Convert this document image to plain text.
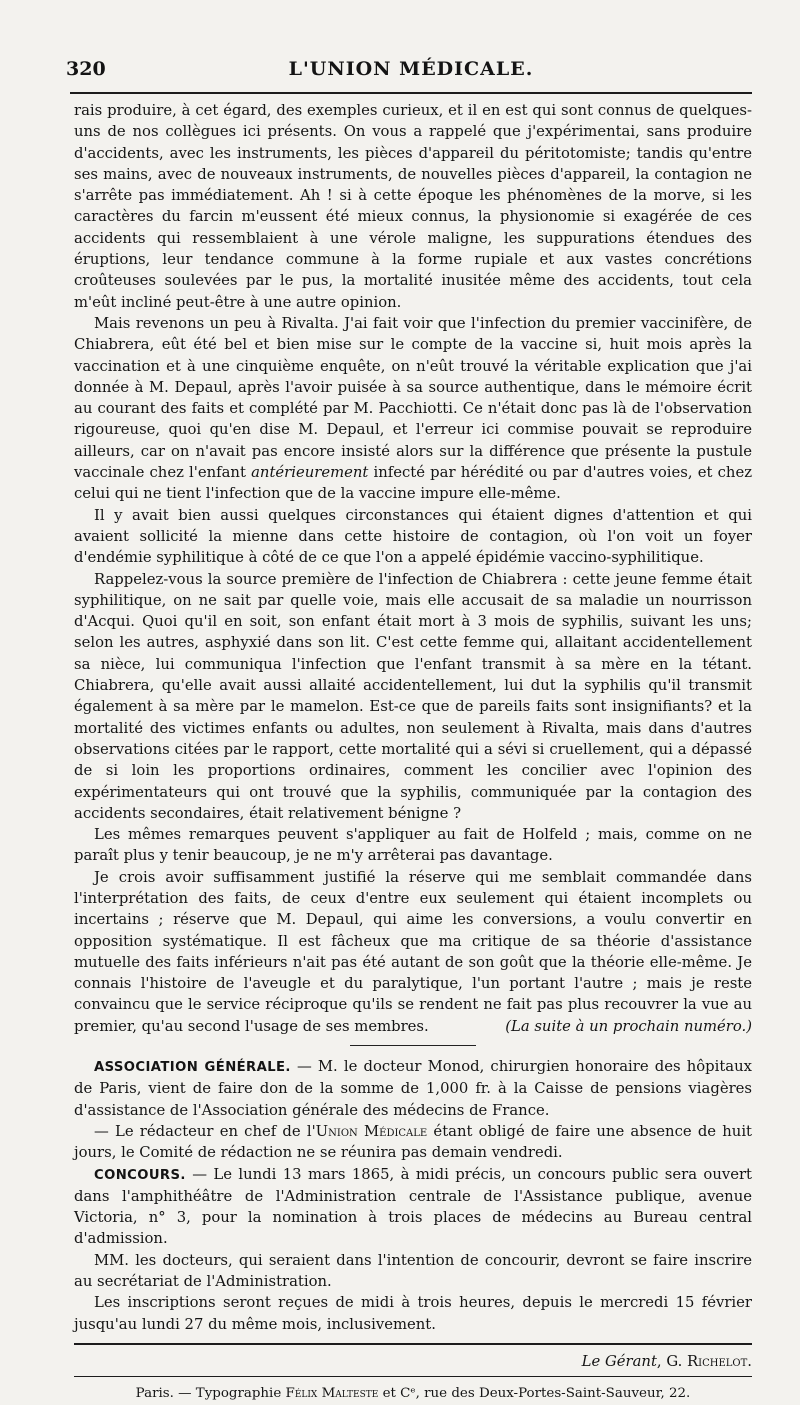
320	L'UNION MÉDICALE.

rais produire, à cet égard, des exemples curieux, et il en est qui sont connus de quelques-uns de nos collègues ici présents. On vous a rappelé que j'expérimentai, sans produire d'accidents, avec les instruments, les pièces d'appareil du péritotomiste; tandis qu'entre ses mains, avec de nouveaux instruments, de nouvelles pièces d'appareil, la contagion ne s'arrête pas immédiatement. Ah ! si à cette époque les phénomènes de la morve, si les caractères du farcin m'eussent été mieux connus, la physionomie si exagérée de ces accidents qui ressemblaient à une vérole maligne, les suppurations étendues des éruptions, leur tendance commune à la forme rupiale et aux vastes concrétions croûteuses soulevées par le pus, la mortalité inusitée même des accidents, tout cela m'eût incliné peut-être à une autre opinion.

Mais revenons un peu à Rivalta. J'ai fait voir que l'infection du premier vaccinifère, de Chiabrera, eût été bel et bien mise sur le compte de la vaccine si, huit mois après la vaccination et à une cinquième enquête, on n'eût trouvé la véritable explication que j'ai donnée à M. Depaul, après l'avoir puisée à sa source authentique, dans le mémoire écrit au courant des faits et complété par M. Pacchiotti. Ce n'était donc pas là de l'observation rigoureuse, quoi qu'en dise M. Depaul, et l'erreur ici commise pouvait se reproduire ailleurs, car on n'avait pas encore insisté alors sur la différence que présente la pustule vaccinale chez l'enfant antérieurement infecté par hérédité ou par d'autres voies, et chez celui qui ne tient l'infection que de la vaccine impure elle-même.

Il y avait bien aussi quelques circonstances qui étaient dignes d'attention et qui avaient sollicité la mienne dans cette histoire de contagion, où l'on voit un foyer d'endémie syphilitique à côté de ce que l'on a appelé épidémie vaccino-syphilitique.

Rappelez-vous la source première de l'infection de Chiabrera : cette jeune femme était syphilitique, on ne sait par quelle voie, mais elle accusait de sa maladie un nourrisson d'Acqui. Quoi qu'il en soit, son enfant était mort à 3 mois de syphilis, suivant les uns; selon les autres, asphyxié dans son lit. C'est cette femme qui, allaitant accidentellement sa nièce, lui communiqua l'infection que l'enfant transmit à sa mère en la tétant. Chiabrera, qu'elle avait aussi allaité accidentellement, lui dut la syphilis qu'il transmit également à sa mère par le mamelon. Est-ce que de pareils faits sont insignifiants? et la mortalité des victimes enfants ou adultes, non seulement à Rivalta, mais dans d'autres observations citées par le rapport, cette mortalité qui a sévi si cruellement, qui a dépassé de si loin les proportions ordinaires, comment les concilier avec l'opinion des expérimentateurs qui ont trouvé que la syphilis, communiquée par la contagion des accidents secondaires, était relativement bénigne ?

Les mêmes remarques peuvent s'appliquer au fait de Holfeld ; mais, comme on ne paraît plus y tenir beaucoup, je ne m'y arrêterai pas davantage.

Je crois avoir suffisamment justifié la réserve qui me semblait commandée dans l'interprétation des faits, de ceux d'entre eux seulement qui étaient incomplets ou incertains ; réserve que M. Depaul, qui aime les conversions, a voulu convertir en opposition systématique. Il est fâcheux que ma critique de sa théorie d'assistance mutuelle des faits inférieurs n'ait pas été autant de son goût que la théorie elle-même. Je connais l'histoire de l'aveugle et du paralytique, l'un portant l'autre ; mais je reste convaincu que le service réciproque qu'ils se rendent ne fait pas plus recouvrer la vue au premier, qu'au second l'usage de ses membres.	(La suite à un prochain numéro.)

ASSOCIATION GÉNÉRALE. — M. le docteur Monod, chirurgien honoraire des hôpitaux de Paris, vient de faire don de la somme de 1,000 fr. à la Caisse de pensions viagères d'assistance de l'Association générale des médecins de France.

— Le rédacteur en chef de l'Union Médicale étant obligé de faire une absence de huit jours, le Comité de rédaction ne se réunira pas demain vendredi.

CONCOURS. — Le lundi 13 mars 1865, à midi précis, un concours public sera ouvert dans l'amphithéâtre de l'Administration centrale de l'Assistance publique, avenue Victoria, n° 3, pour la nomination à trois places de médecins au Bureau central d'admission.

MM. les docteurs, qui seraient dans l'intention de concourir, devront se faire inscrire au secrétariat de l'Administration.

Les inscriptions seront reçues de midi à trois heures, depuis le mercredi 15 février jusqu'au lundi 27 du même mois, inclusivement.

Le Gérant, G. Richelot.
Paris. — Typographie Félix Malteste et Cᵉ, rue des Deux-Portes-Saint-Sauveur, 22.
